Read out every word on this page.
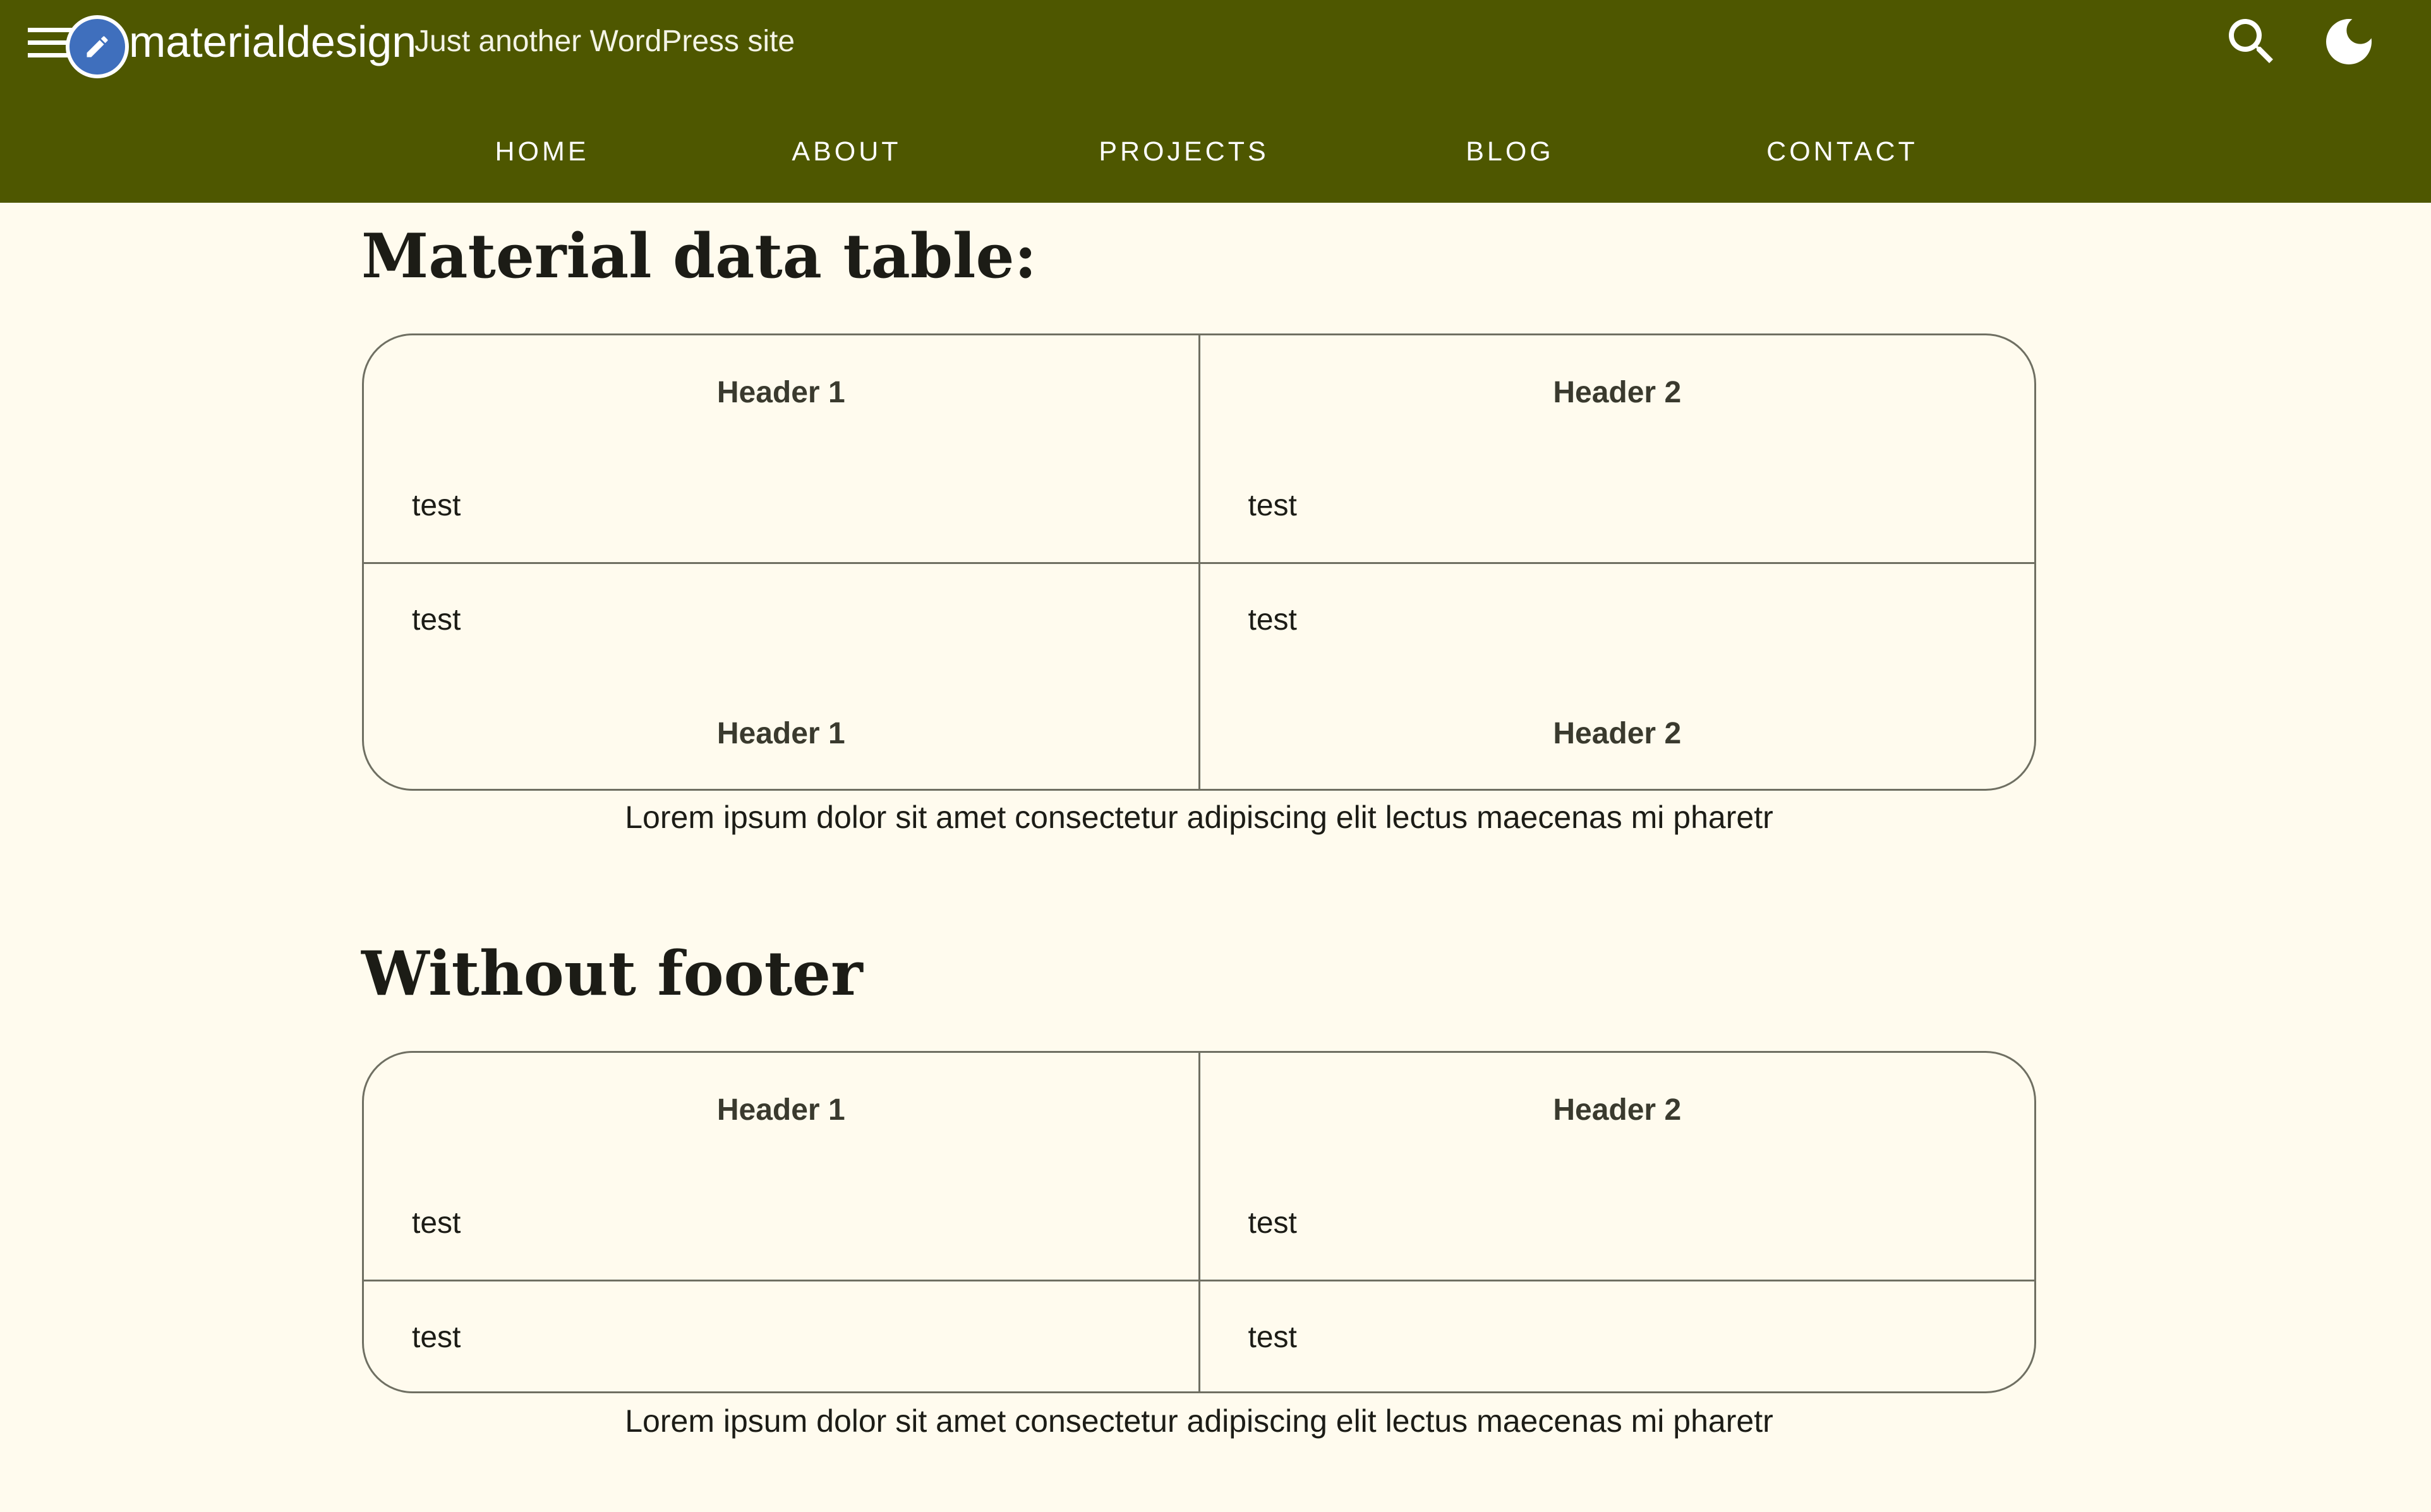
materialdesign
Just another WordPress site
HOME	ABOUT	PROJECTS	BLOG	CONTACT
Material data table:
Header 1	Header 2
test	test
test	test
Header 1	Header 2
Lorem ipsum dolor sit amet consectetur adipiscing elit lectus maecenas mi pharetr
Without footer
Header 1	Header 2
test	test
test	test
Lorem ipsum dolor sit amet consectetur adipiscing elit lectus maecenas mi pharetr
